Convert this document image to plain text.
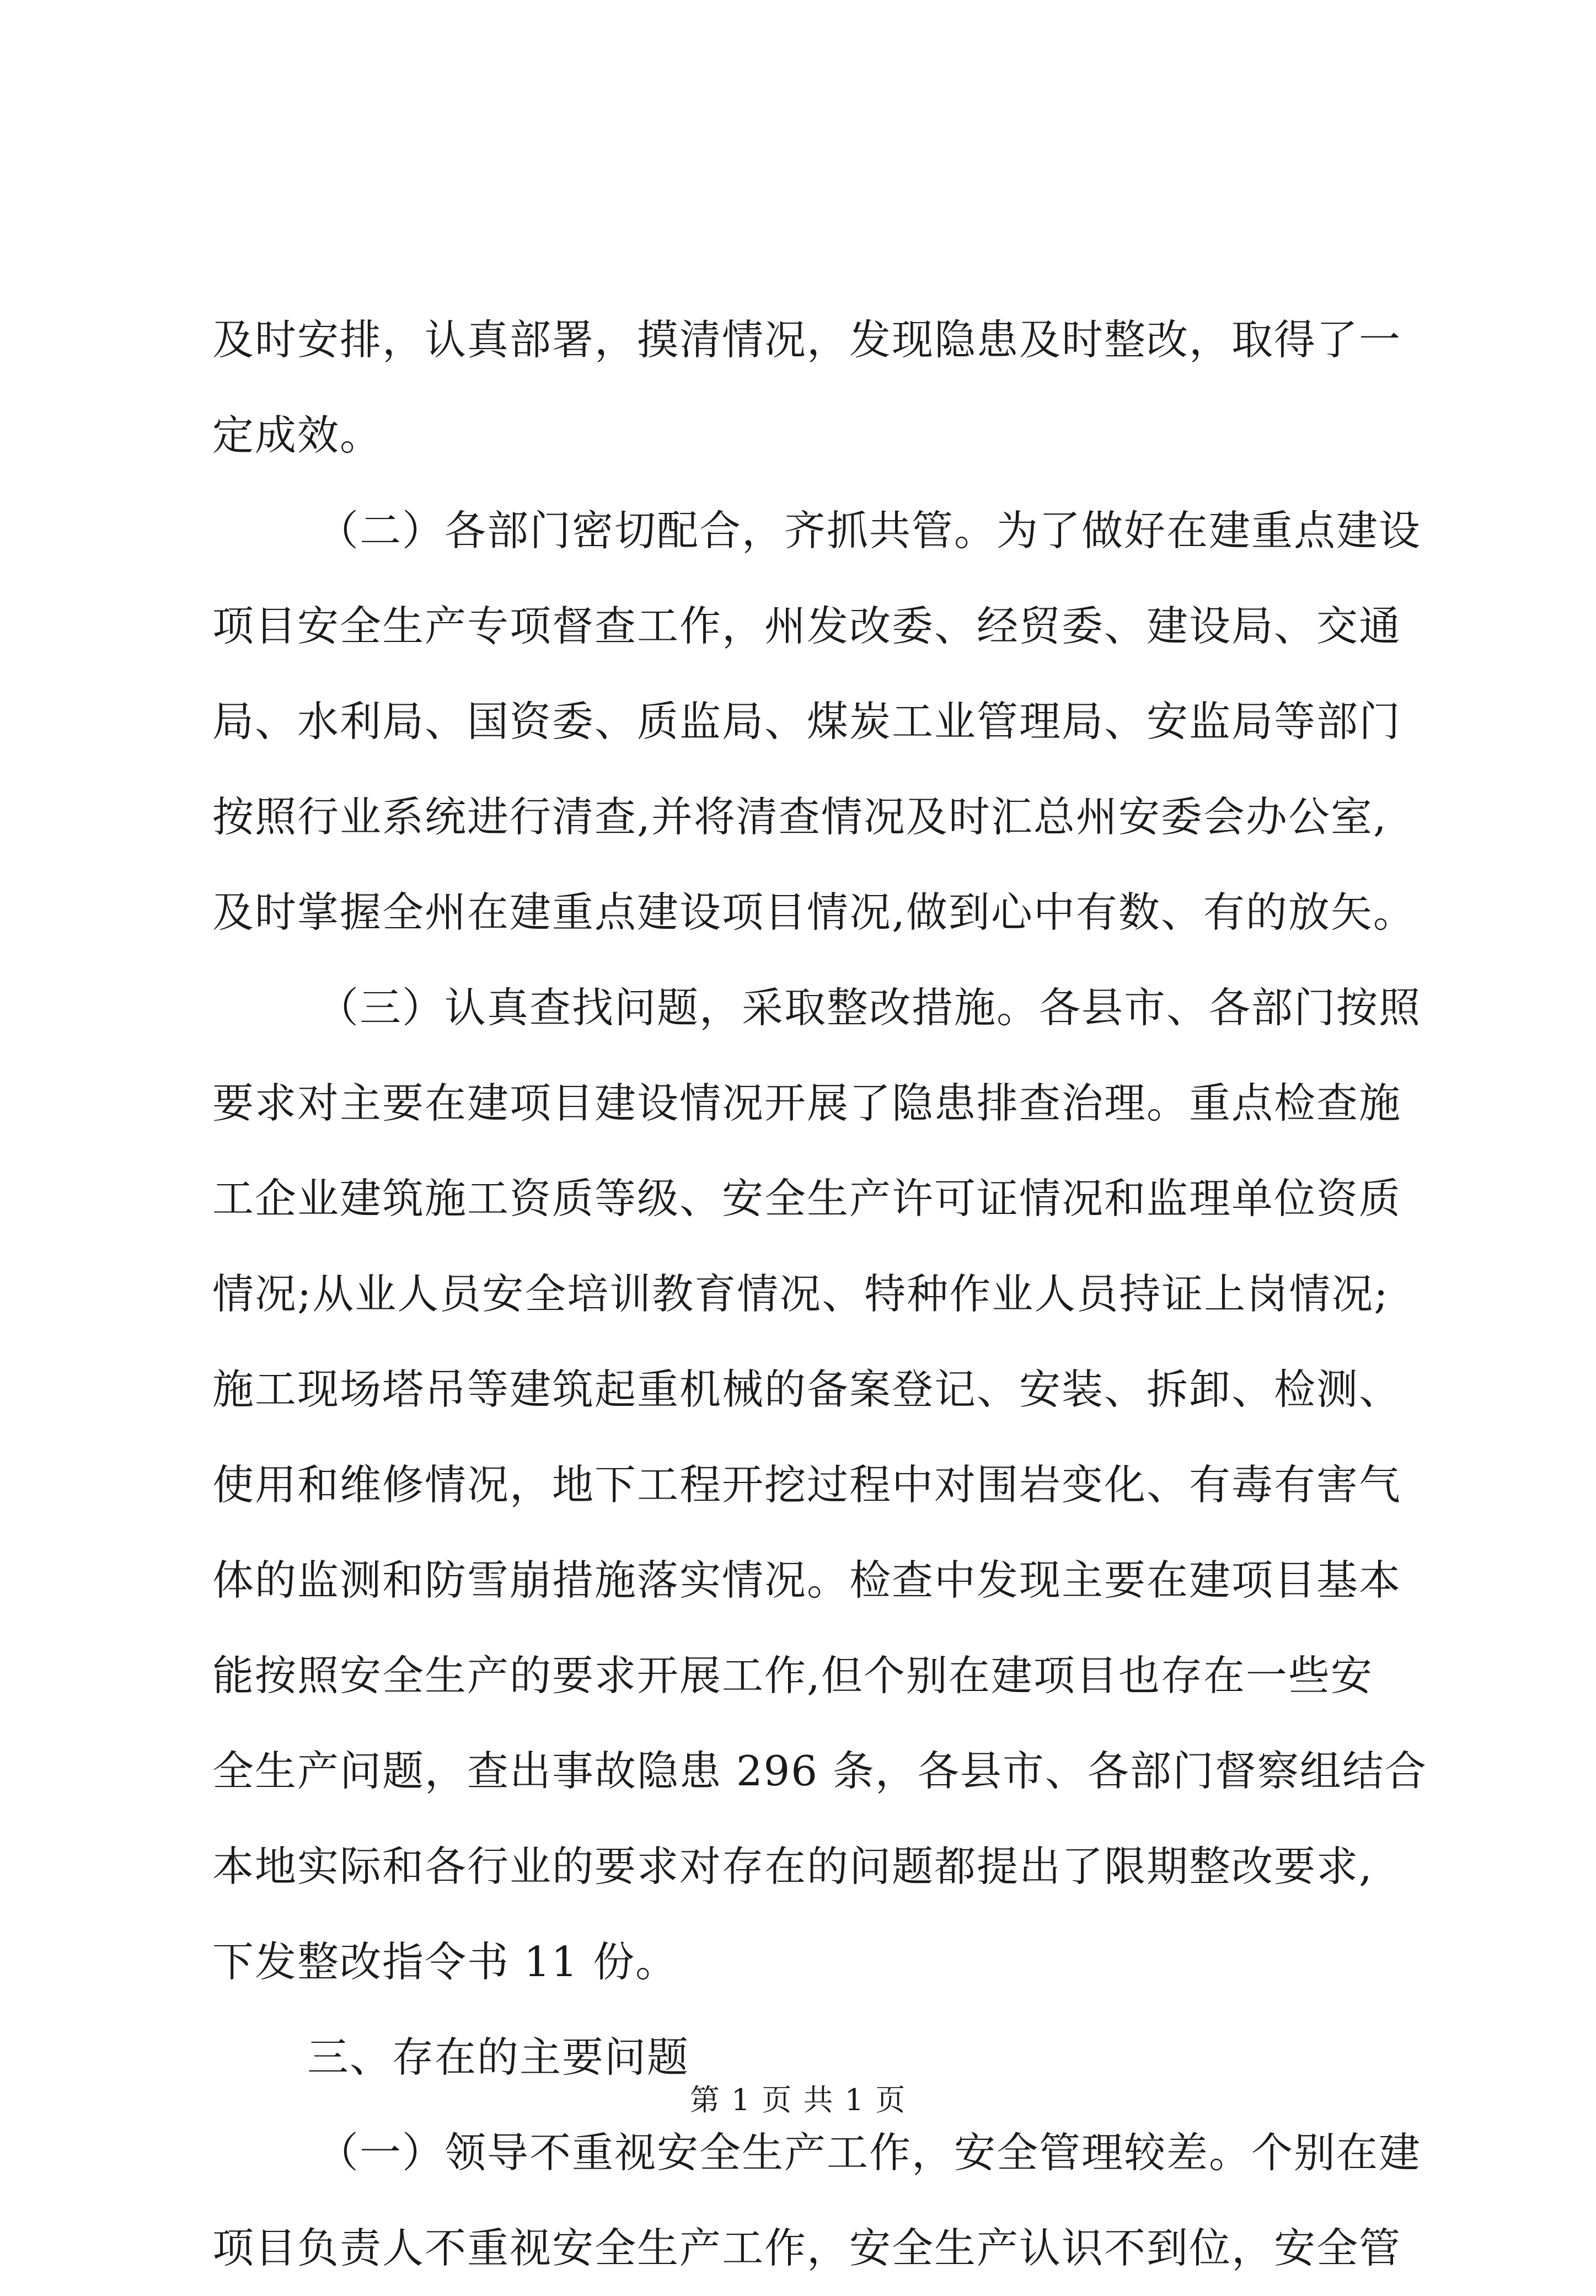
及时安排，认真部署，摸清情况，发现隐患及时整改，取得了一
定成效。
（二）各部门密切配合，齐抓共管。为了做好在建重点建设
项目安全生产专项督查工作，州发改委、经贸委、建设局、交通
局、水利局、国资委、质监局、煤炭工业管理局、安监局等部门
按照行业系统进行清查,并将清查情况及时汇总州安委会办公室,
及时掌握全州在建重点建设项目情况,做到心中有数、有的放矢。
（三）认真查找问题，采取整改措施。各县市、各部门按照
要求对主要在建项目建设情况开展了隐患排查治理。重点检查施
工企业建筑施工资质等级、安全生产许可证情况和监理单位资质
情况;从业人员安全培训教育情况、特种作业人员持证上岗情况;
施工现场塔吊等建筑起重机械的备案登记、安装、拆卸、检测、
使用和维修情况，地下工程开挖过程中对围岩变化、有毒有害气
体的监测和防雪崩措施落实情况。检查中发现主要在建项目基本
能按照安全生产的要求开展工作,但个别在建项目也存在一些安
全生产问题，查出事故隐患 296 条，各县市、各部门督察组结合
本地实际和各行业的要求对存在的问题都提出了限期整改要求,
下发整改指令书 11 份。
三、存在的主要问题
（一）领导不重视安全生产工作，安全管理较差。个别在建
项目负责人不重视安全生产工作，安全生产认识不到位，安全管
第 1 页 共 1 页
